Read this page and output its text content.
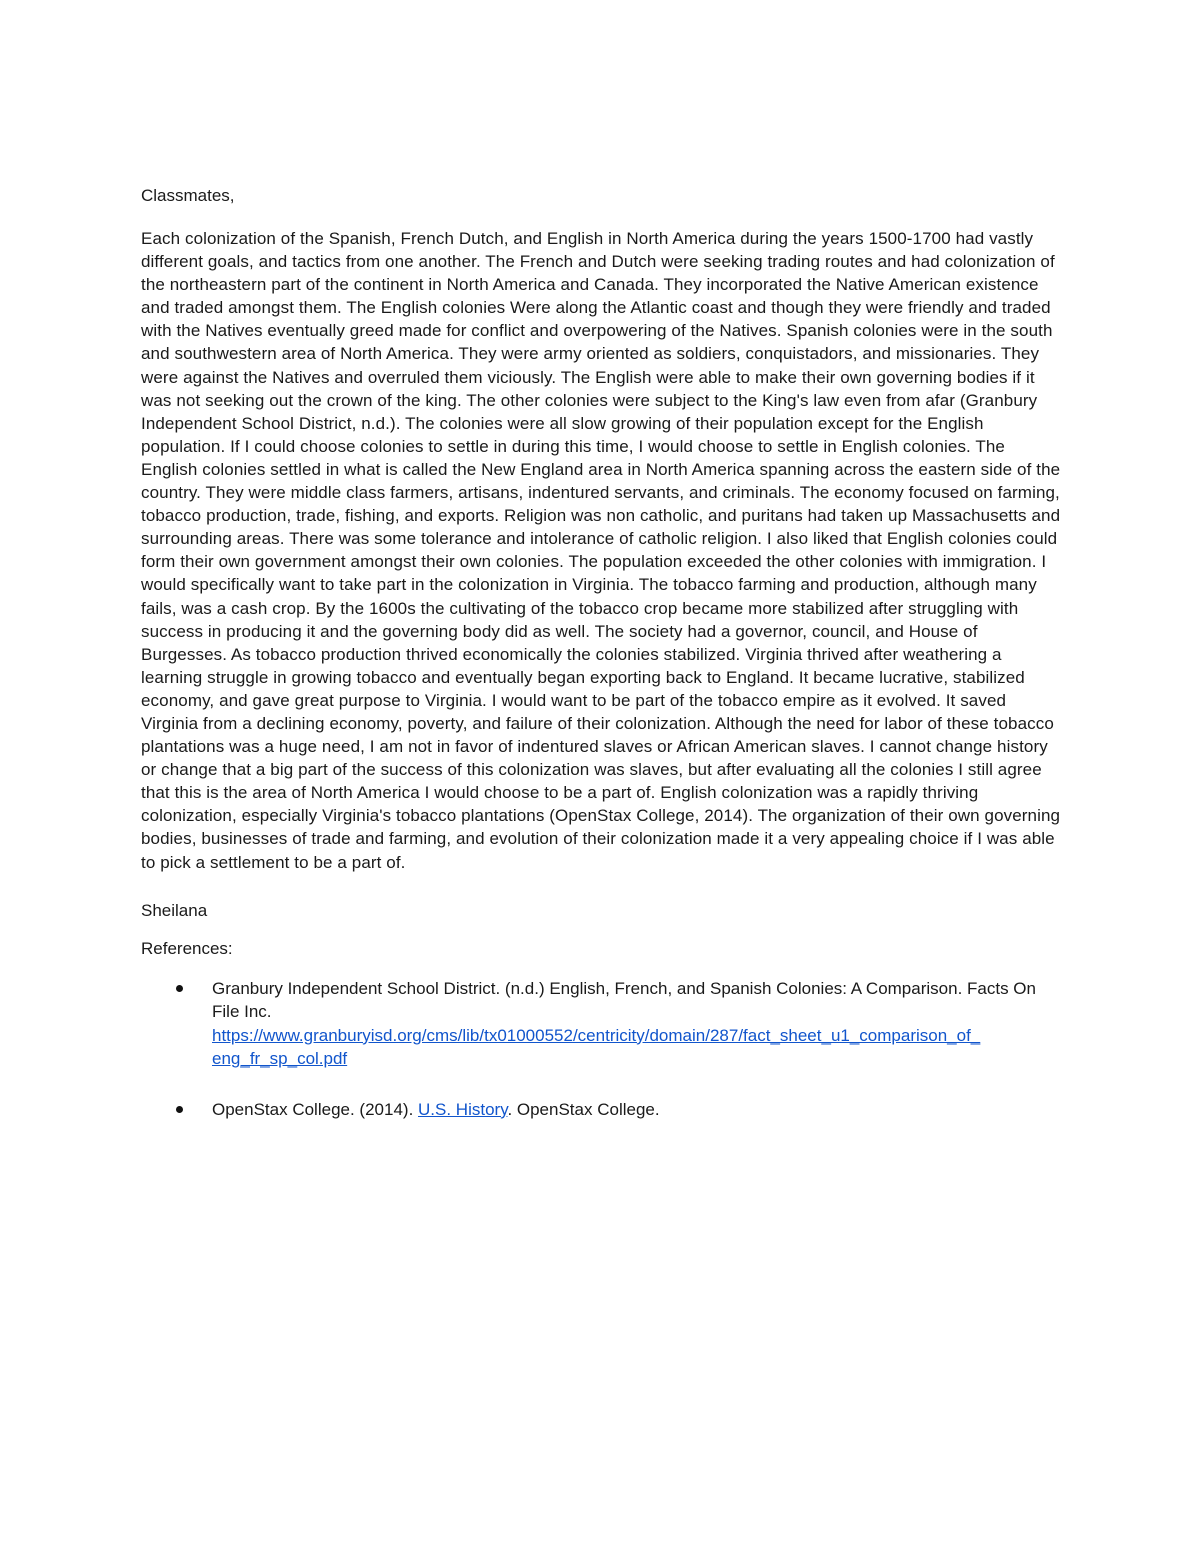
Classmates,

Each colonization of the Spanish, French Dutch, and English in North America during the years 1500-1700 had vastly different goals, and tactics from one another. The French and Dutch were seeking trading routes and had colonization of the northeastern part of the continent in North America and Canada. They incorporated the Native American existence and traded amongst them. The English colonies Were along the Atlantic coast and though they were friendly and traded with the Natives eventually greed made for conflict and overpowering of the Natives. Spanish colonies were in the south and southwestern area of North America. They were army oriented as soldiers, conquistadors, and missionaries. They were against the Natives and overruled them viciously. The English were able to make their own governing bodies if it was not seeking out the crown of the king. The other colonies were subject to the King's law even from afar (Granbury Independent School District, n.d.). The colonies were all slow growing of their population except for the English population. If I could choose colonies to settle in during this time, I would choose to settle in English colonies. The English colonies settled in what is called the New England area in North America spanning across the eastern side of the country. They were middle class farmers, artisans, indentured servants, and criminals. The economy focused on farming, tobacco production, trade, fishing, and exports. Religion was non catholic, and puritans had taken up Massachusetts and surrounding areas. There was some tolerance and intolerance of catholic religion. I also liked that English colonies could form their own government amongst their own colonies. The population exceeded the other colonies with immigration. I would specifically want to take part in the colonization in Virginia. The tobacco farming and production, although many fails, was a cash crop. By the 1600s the cultivating of the tobacco crop became more stabilized after struggling with success in producing it and the governing body did as well. The society had a governor, council, and House of Burgesses. As tobacco production thrived economically the colonies stabilized. Virginia thrived after weathering a learning struggle in growing tobacco and eventually began exporting back to England. It became lucrative, stabilized economy, and gave great purpose to Virginia. I would want to be part of the tobacco empire as it evolved. It saved Virginia from a declining economy, poverty, and failure of their colonization. Although the need for labor of these tobacco plantations was a huge need, I am not in favor of indentured slaves or African American slaves. I cannot change history or change that a big part of the success of this colonization was slaves, but after evaluating all the colonies I still agree that this is the area of North America I would choose to be a part of. English colonization was a rapidly thriving colonization, especially Virginia's tobacco plantations (OpenStax College, 2014). The organization of their own governing bodies, businesses of trade and farming, and evolution of their colonization made it a very appealing choice if I was able to pick a settlement to be a part of.

Sheilana

References:

Granbury Independent School District. (n.d.) English, French, and Spanish Colonies: A Comparison. Facts On File Inc.
https://www.granburyisd.org/cms/lib/tx01000552/centricity/domain/287/fact_sheet_u1_comparison_of_
eng_fr_sp_col.pdf
OpenStax College. (2014). U.S. History. OpenStax College.
